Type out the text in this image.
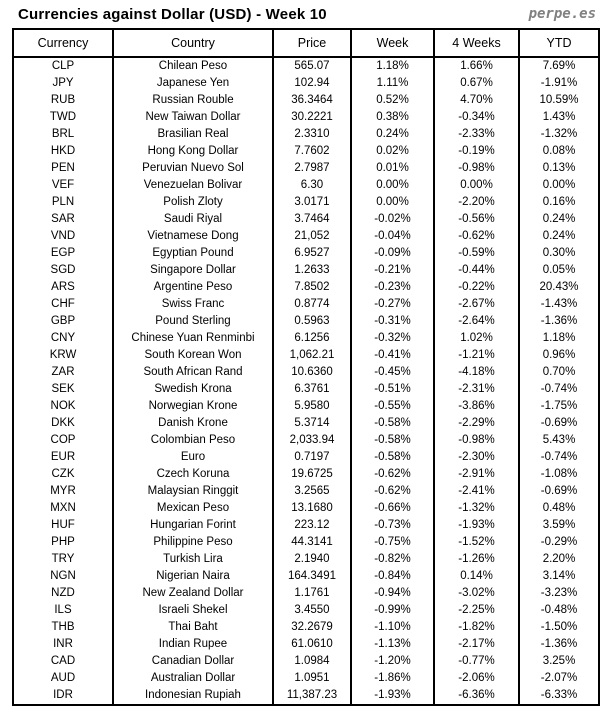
Currencies against Dollar (USD) - Week 10	perpe.es
Currency	Country	Price	Week	4 Weeks	YTD
CLP	Chilean Peso	565.07	1.18%	1.66%	7.69%
JPY	Japanese Yen	102.94	1.11%	0.67%	-1.91%
RUB	Russian Rouble	36.3464	0.52%	4.70%	10.59%
TWD	New Taiwan Dollar	30.2221	0.38%	-0.34%	1.43%
BRL	Brasilian Real	2.3310	0.24%	-2.33%	-1.32%
HKD	Hong Kong Dollar	7.7602	0.02%	-0.19%	0.08%
PEN	Peruvian Nuevo Sol	2.7987	0.01%	-0.98%	0.13%
VEF	Venezuelan Bolivar	6.30	0.00%	0.00%	0.00%
PLN	Polish Zloty	3.0171	0.00%	-2.20%	0.16%
SAR	Saudi Riyal	3.7464	-0.02%	-0.56%	0.24%
VND	Vietnamese Dong	21,052	-0.04%	-0.62%	0.24%
EGP	Egyptian Pound	6.9527	-0.09%	-0.59%	0.30%
SGD	Singapore Dollar	1.2633	-0.21%	-0.44%	0.05%
ARS	Argentine Peso	7.8502	-0.23%	-0.22%	20.43%
CHF	Swiss Franc	0.8774	-0.27%	-2.67%	-1.43%
GBP	Pound Sterling	0.5963	-0.31%	-2.64%	-1.36%
CNY	Chinese Yuan Renminbi	6.1256	-0.32%	1.02%	1.18%
KRW	South Korean Won	1,062.21	-0.41%	-1.21%	0.96%
ZAR	South African Rand	10.6360	-0.45%	-4.18%	0.70%
SEK	Swedish Krona	6.3761	-0.51%	-2.31%	-0.74%
NOK	Norwegian Krone	5.9580	-0.55%	-3.86%	-1.75%
DKK	Danish Krone	5.3714	-0.58%	-2.29%	-0.69%
COP	Colombian Peso	2,033.94	-0.58%	-0.98%	5.43%
EUR	Euro	0.7197	-0.58%	-2.30%	-0.74%
CZK	Czech Koruna	19.6725	-0.62%	-2.91%	-1.08%
MYR	Malaysian Ringgit	3.2565	-0.62%	-2.41%	-0.69%
MXN	Mexican Peso	13.1680	-0.66%	-1.32%	0.48%
HUF	Hungarian Forint	223.12	-0.73%	-1.93%	3.59%
PHP	Philippine Peso	44.3141	-0.75%	-1.52%	-0.29%
TRY	Turkish Lira	2.1940	-0.82%	-1.26%	2.20%
NGN	Nigerian Naira	164.3491	-0.84%	0.14%	3.14%
NZD	New Zealand Dollar	1.1761	-0.94%	-3.02%	-3.23%
ILS	Israeli Shekel	3.4550	-0.99%	-2.25%	-0.48%
THB	Thai Baht	32.2679	-1.10%	-1.82%	-1.50%
INR	Indian Rupee	61.0610	-1.13%	-2.17%	-1.36%
CAD	Canadian Dollar	1.0984	-1.20%	-0.77%	3.25%
AUD	Australian Dollar	1.0951	-1.86%	-2.06%	-2.07%
IDR	Indonesian Rupiah	11,387.23	-1.93%	-6.36%	-6.33%
